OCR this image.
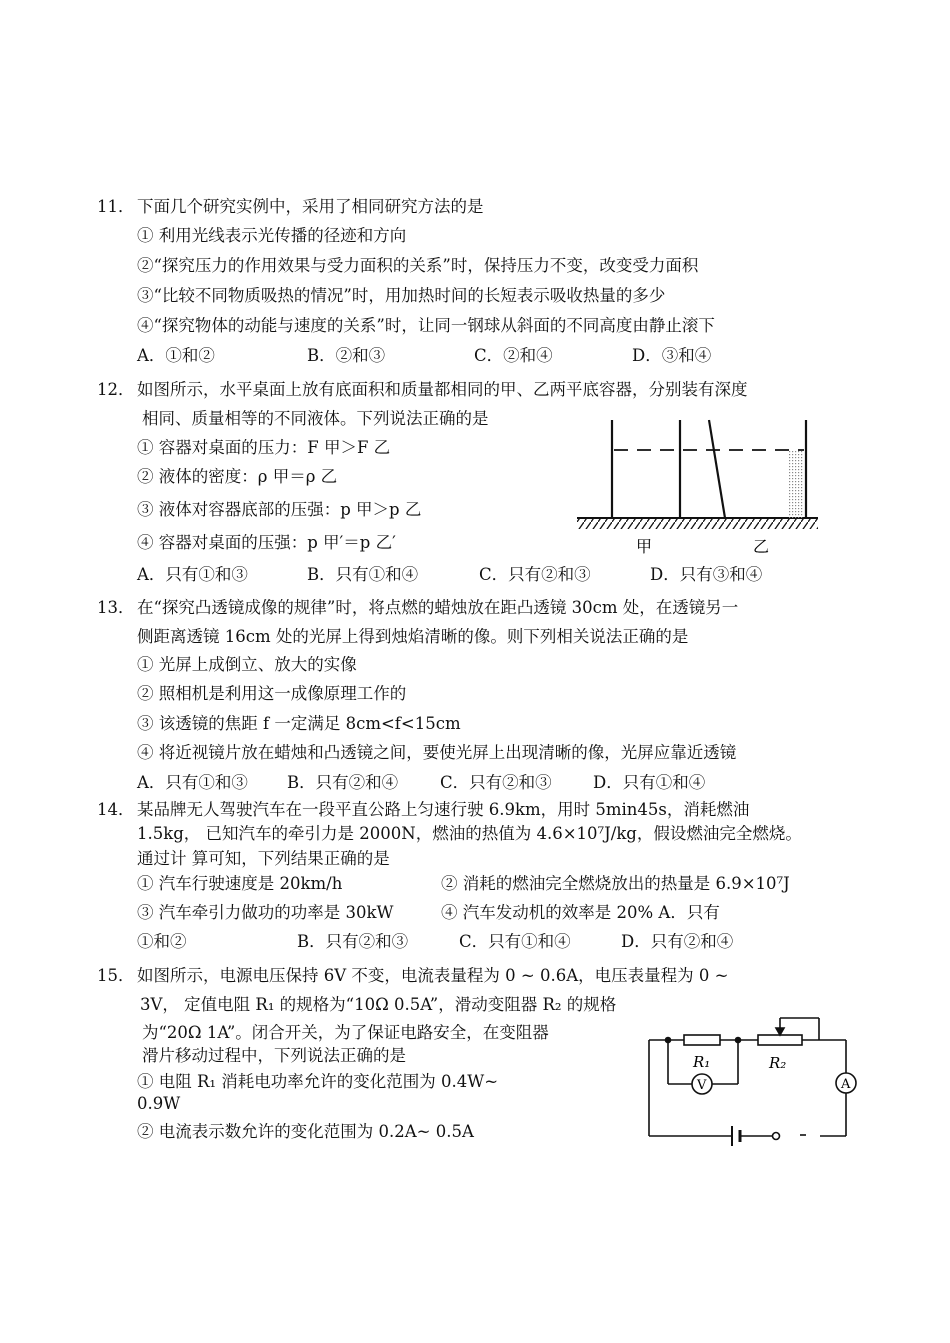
11． 下面几个研究实例中，采用了相同研究方法的是
① 利用光线表示光传播的径迹和方向
②“探究压力的作用效果与受力面积的关系”时，保持压力不变，改变受力面积
③“比较不同物质吸热的情况”时，用加热时间的长短表示吸收热量的多少
④“探究物体的动能与速度的关系”时，让同一钢球从斜面的不同高度由静止滚下
A．①和②	B．②和③	C．②和④	D．③和④
12． 如图所示，水平桌面上放有底面积和质量都相同的甲、乙两平底容器，分别装有深度
相同、质量相等的不同液体。下列说法正确的是
① 容器对桌面的压力：F 甲＞F 乙
② 液体的密度：ρ 甲＝ρ 乙
③ 液体对容器底部的压强：p 甲＞p 乙
④ 容器对桌面的压强：p 甲′＝p 乙′
A．只有①和③	B．只有①和④	C．只有②和③	D．只有③和④
甲	乙
13． 在“探究凸透镜成像的规律”时，将点燃的蜡烛放在距凸透镜 30cm 处，在透镜另一
侧距离透镜 16cm 处的光屏上得到烛焰清晰的像。则下列相关说法正确的是
① 光屏上成倒立、放大的实像
② 照相机是利用这一成像原理工作的
③ 该透镜的焦距 f 一定满足 8cm<f<15cm
④ 将近视镜片放在蜡烛和凸透镜之间，要使光屏上出现清晰的像，光屏应靠近透镜
A．只有①和③ B．只有②和④	C．只有②和③	D．只有①和④
14． 某品牌无人驾驶汽车在一段平直公路上匀速行驶 6.9km，用时 5min45s，消耗燃油
1.5kg， 已知汽车的牵引力是 2000N，燃油的热值为 4.6×10⁷J/kg，假设燃油完全燃烧。
通过计 算可知，下列结果正确的是
① 汽车行驶速度是 20km/h	② 消耗的燃油完全燃烧放出的热量是 6.9×10⁷J
③ 汽车牵引力做功的功率是 30kW	④ 汽车发动机的效率是 20% A．只有
①和②	B．只有②和③	C．只有①和④	D．只有②和④
15． 如图所示，电源电压保持 6V 不变，电流表量程为 0 ~ 0.6A，电压表量程为 0 ~
3V， 定值电阻 R₁ 的规格为“10Ω 0.5A”，滑动变阻器 R₂ 的规格
为“20Ω 1A”。闭合开关，为了保证电路安全，在变阻器
滑片移动过程中，下列说法正确的是
① 电阻 R₁ 消耗电功率允许的变化范围为 0.4W~
0.9W
② 电流表示数允许的变化范围为 0.2A~ 0.5A
R₁	R₂
V	A
